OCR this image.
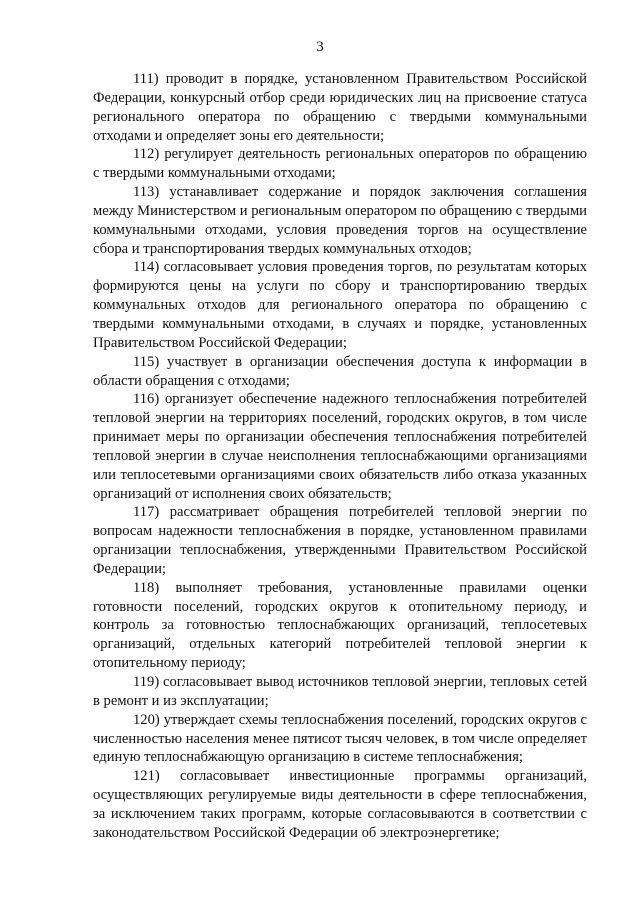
3

111) проводит в порядке, установленном Правительством Российской Федерации, конкурсный отбор среди юридических лиц на присвоение статуса регионального оператора по обращению с твердыми коммунальными отходами и определяет зоны его деятельности;

112) регулирует деятельность региональных операторов по обращению с твердыми коммунальными отходами;

113) устанавливает содержание и порядок заключения соглашения между Министерством и региональным оператором по обращению с твердыми коммунальными отходами, условия проведения торгов на осуществление сбора и транспортирования твердых коммунальных отходов;

114) согласовывает условия проведения торгов, по результатам которых формируются цены на услуги по сбору и транспортированию твердых коммунальных отходов для регионального оператора по обращению с твердыми коммунальными отходами, в случаях и порядке, установленных Правительством Российской Федерации;

115) участвует в организации обеспечения доступа к информации в области обращения с отходами;

116) организует обеспечение надежного теплоснабжения потребителей тепловой энергии на территориях поселений, городских округов, в том числе принимает меры по организации обеспечения теплоснабжения потребителей тепловой энергии в случае неисполнения теплоснабжающими организациями или теплосетевыми организациями своих обязательств либо отказа указанных организаций от исполнения своих обязательств;

117) рассматривает обращения потребителей тепловой энергии по вопросам надежности теплоснабжения в порядке, установленном правилами организации теплоснабжения, утвержденными Правительством Российской Федерации;

118) выполняет требования, установленные правилами оценки готовности поселений, городских округов к отопительному периоду, и контроль за готовностью теплоснабжающих организаций, теплосетевых организаций, отдельных категорий потребителей тепловой энергии к отопительному периоду;

119) согласовывает вывод источников тепловой энергии, тепловых сетей в ремонт и из эксплуатации;

120) утверждает схемы теплоснабжения поселений, городских округов с численностью населения менее пятисот тысяч человек, в том числе определяет единую теплоснабжающую организацию в системе теплоснабжения;

121) согласовывает инвестиционные программы организаций, осуществляющих регулируемые виды деятельности в сфере теплоснабжения, за исключением таких программ, которые согласовываются в соответствии с законодательством Российской Федерации об электроэнергетике;
